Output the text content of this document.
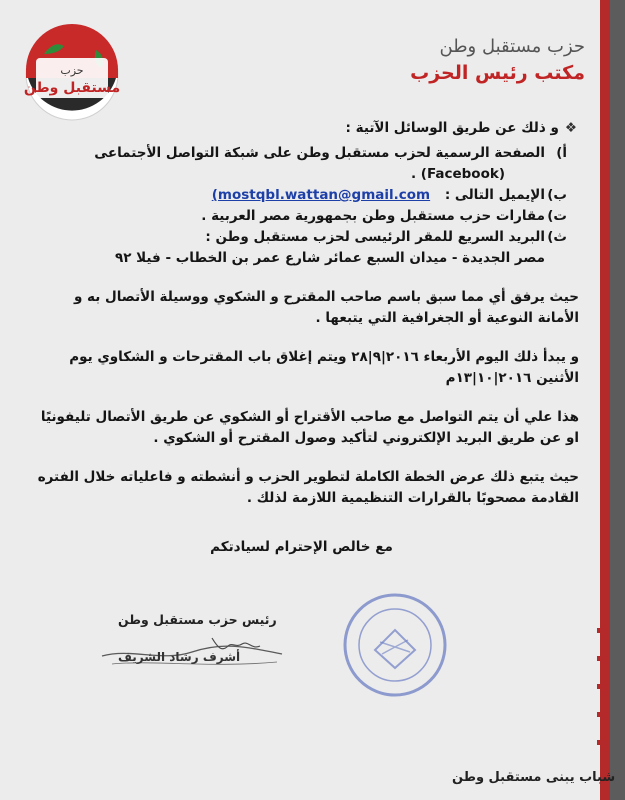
حزب
مستقبل وطن
حزب مستقبل وطن
مكتب رئيس الحزب
❖و ذلك عن طريق الوسائل الآتية :
أ)
الصفحة الرسمية لحزب مستقبل وطن على شبكة التواصل الأجتماعى
(Facebook) .
ب)
الإيميل التالى : (mostqbl.wattan@gmail.com
ت)
مقارات حزب مستقبل وطن بجمهورية مصر العربية .
ث)
البريد السريع للمقر الرئيسى لحزب مستقبل وطن :
مصر الجديدة - ميدان السبع عمائر شارع عمر بن الخطاب - فيلا ٩٢
حيث يرفق أي مما سبق باسم صاحب المقترح و الشكوي ووسيلة الأتصال به و الأمانة النوعية أو الجغرافية التي يتبعها .
و يبدأ ذلك اليوم الأربعاء ٢٠١٦|٩|٢٨ ويتم إغلاق باب المقترحات و الشكاوي يوم الأثنين ٢٠١٦|١٠|١٣م
هذا علي أن يتم التواصل مع صاحب الأقتراح أو الشكوي عن طريق الأتصال تليفونيًا او عن طريق البريد الإلكتروني لتأكيد وصول المقترح أو الشكوي .
حيث يتبع ذلك عرض الخطة الكاملة لتطوير الحزب و أنشطته و فاعلياته خلال الفتره القادمة مصحوبًا بالقرارات التنظيمية اللازمة لذلك .
مع خالص الإحترام لسيادتكم
رئيس حزب مستقبل وطن
أشرف رشاد الشريف
شباب يبنى مستقبل وطن
